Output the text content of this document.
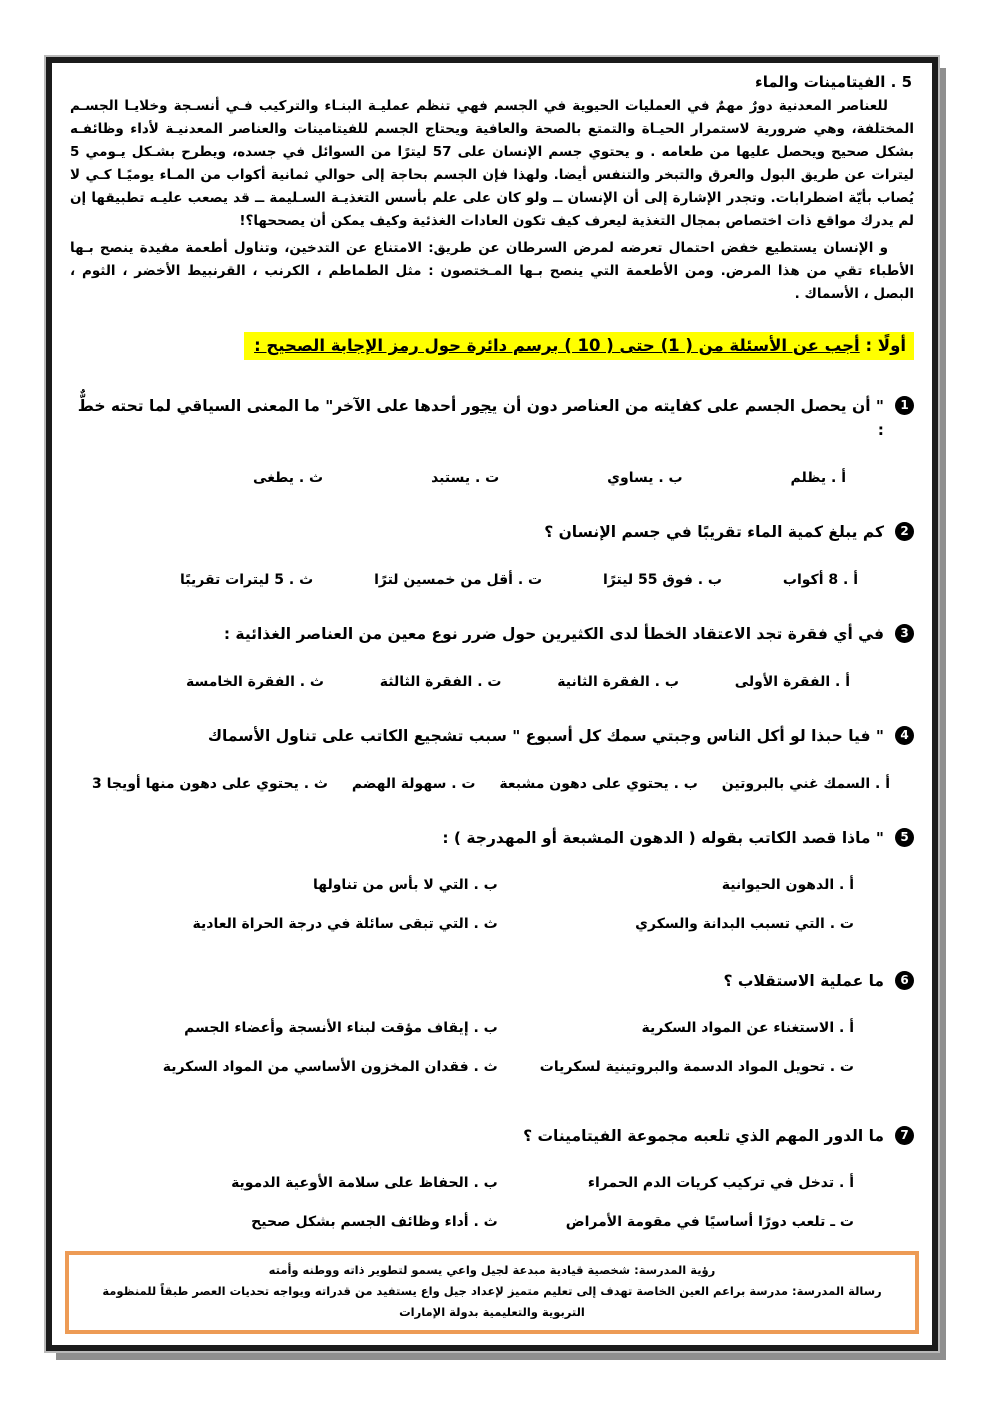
5 . الفيتامينات والماء

للعناصر المعدنية دورٌ مهمٌ في العمليات الحيوية في الجسم فهي تنظم عمليـة البنـاء والتركيب فـي أنسـجة وخلايـا الجسـم المختلفة، وهي ضرورية لاستمرار الحيـاة والتمتع بالصحة والعافية ويحتاج الجسم للفيتامينات والعناصر المعدنيـة لأداء وظائفـه بشكل صحيح ويحصل عليها من طعامه . و يحتوي جسم الإنسان على 57 ليترًا من السوائل في جسده، ويطرح بشـكل يـومي 5 ليترات عن طريق البول والعرق والتبخر والتنفس أيضا. ولهذا فإن الجسم بحاجة إلى حوالي ثمانية أكواب من المـاء يوميًـا كـي لا يُصاب بأيّة اضطرابات. وتجدر الإشارة إلى أن الإنسان ــ ولو كان على علم بأسس التغذيـة السـليمة ــ قد يصعب عليـه تطبيقها إن لم يدرك مواقع ذات اختصاص بمجال التغذية ليعرف كيف تكون العادات الغذئية وكيف يمكن أن يصححها؟!

و الإنسان يستطيع خفض احتمال تعرضه لمرض السرطان عن طريق: الامتناع عن التدخين، وتناول أطعمة مفيدة ينصح بـها الأطباء تقي من هذا المرض. ومن الأطعمة التي ينصح بـها المـختصون : مثل الطماطم ، الكرنب ، القرنبيط الأخضر ، الثوم ، البصل ، الأسماك .

أولًا : أجب عن الأسئلة من ( 1) حتى ( 10 ) برسم دائرة حول رمز الإجابة الصحيح :
1
" أن يحصل الجسم على كفايته من العناصر دون أن يجور أحدها على الآخر" ما المعنى السياقي لما تحته خطٌّ :
أ . يظلم
ب . يساوي
ت . يستبد
ث . يطغى
2
كم يبلغ كمية الماء تقريبًا في جسم الإنسان ؟
أ . 8 أكواب
ب . فوق 55 ليترًا
ت . أقل من خمسين لترًا
ث . 5 ليترات تقريبًا
3
في أي فقرة تجد الاعتقاد الخطأ لدى الكثيرين حول ضرر نوع معين من العناصر الغذائية :
أ . الفقرة الأولى
ب . الفقرة الثانية
ت . الفقرة الثالثة
ث . الفقرة الخامسة
4
" فيا حبذا لو أكل الناس وجبتي سمك كل أسبوع " سبب تشجيع الكاتب على تناول الأسماك
أ . السمك غني بالبروتين
ب . يحتوي على دهون مشبعة
ت . سهولة الهضم
ث . يحتوي على دهون منها أويجا 3
5
" ماذا قصد الكاتب بقوله ( الدهون المشبعة أو المهدرجة ) :
أ . الدهون الحيوانية
ب . التي لا بأس من تناولها
ت . التي تسبب البدانة والسكري
ث . التي تبقى سائلة في درجة الحراة العادية
6
ما عملية الاستقلاب ؟
أ . الاستغناء عن المواد السكرية
ب . إيقاف مؤقت لبناء الأنسجة وأعضاء الجسم
ت . تحويل المواد الدسمة والبروتينية لسكريات
ث . فقدان المخزون الأساسي من المواد السكرية
7
ما الدور المهم الذي تلعبه مجموعة الفيتامينات ؟
أ . تدخل في تركيب كريات الدم الحمراء
ب . الحفاظ على سلامة الأوعية الدموية
ت ـ تلعب دورًا أساسيًا في مقومة الأمراض
ث . أداء وظائف الجسم بشكل صحيح
رؤية المدرسة: شخصية قيادية مبدعة لجيل واعي يسمو لتطوير ذاته ووطنه وأمته
رسالة المدرسة: مدرسة براعم العين الخاصة تهدف إلى تعليم متميز لإعداد جيل واع يستفيد من قدراته ويواجه تحديات العصر طبقاً للمنظومة التربوية والتعليمية بدولة الإمارات
